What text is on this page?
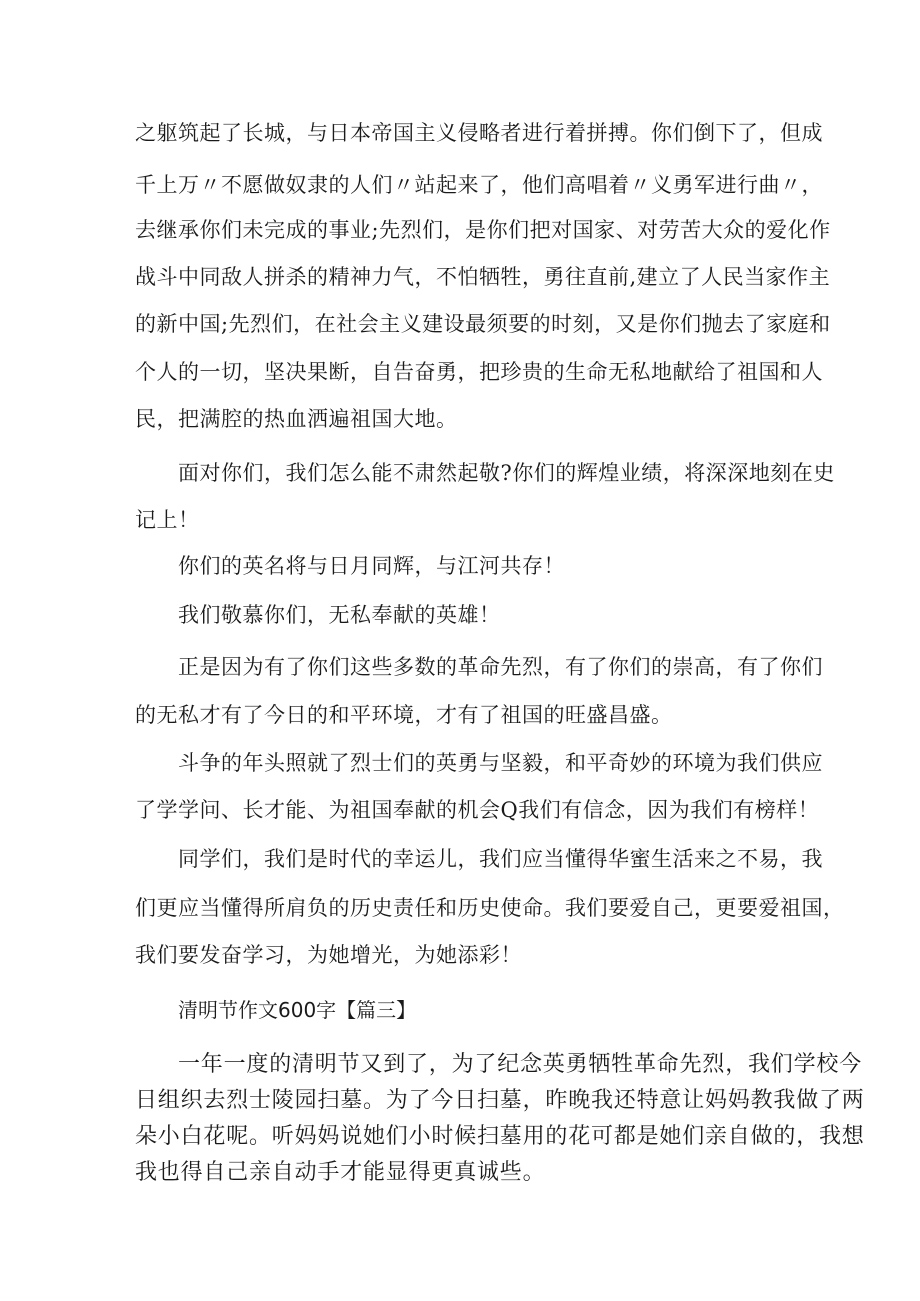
之躯筑起了长城，与日本帝国主义侵略者进行着拼搏。你们倒下了，但成
千上万〃不愿做奴隶的人们〃站起来了，他们高唱着〃义勇军进行曲〃，
去继承你们未完成的事业;先烈们，是你们把对国家、对劳苦大众的爱化作
战斗中同敌人拼杀的精神力气，不怕牺牲，勇往直前,建立了人民当家作主
的新中国;先烈们，在社会主义建设最须要的时刻，又是你们抛去了家庭和
个人的一切，坚决果断，自告奋勇，把珍贵的生命无私地献给了祖国和人
民，把满腔的热血洒遍祖国大地。
面对你们，我们怎么能不肃然起敬?你们的辉煌业绩，将深深地刻在史
记上！
你们的英名将与日月同辉，与江河共存！
我们敬慕你们，无私奉献的英雄！
正是因为有了你们这些多数的革命先烈，有了你们的崇高，有了你们
的无私才有了今日的和平环境，才有了祖国的旺盛昌盛。
斗争的年头照就了烈士们的英勇与坚毅，和平奇妙的环境为我们供应
了学学问、长才能、为祖国奉献的机会Q我们有信念，因为我们有榜样！
同学们，我们是时代的幸运儿，我们应当懂得华蜜生活来之不易，我
们更应当懂得所肩负的历史责任和历史使命。我们要爱自己，更要爱祖国，
我们要发奋学习，为她增光，为她添彩！
清明节作文600字【篇三】
一年一度的清明节又到了，为了纪念英勇牺牲革命先烈，我们学校今
日组织去烈士陵园扫墓。为了今日扫墓，昨晚我还特意让妈妈教我做了两
朵小白花呢。听妈妈说她们小时候扫墓用的花可都是她们亲自做的，我想
我也得自己亲自动手才能显得更真诚些。
